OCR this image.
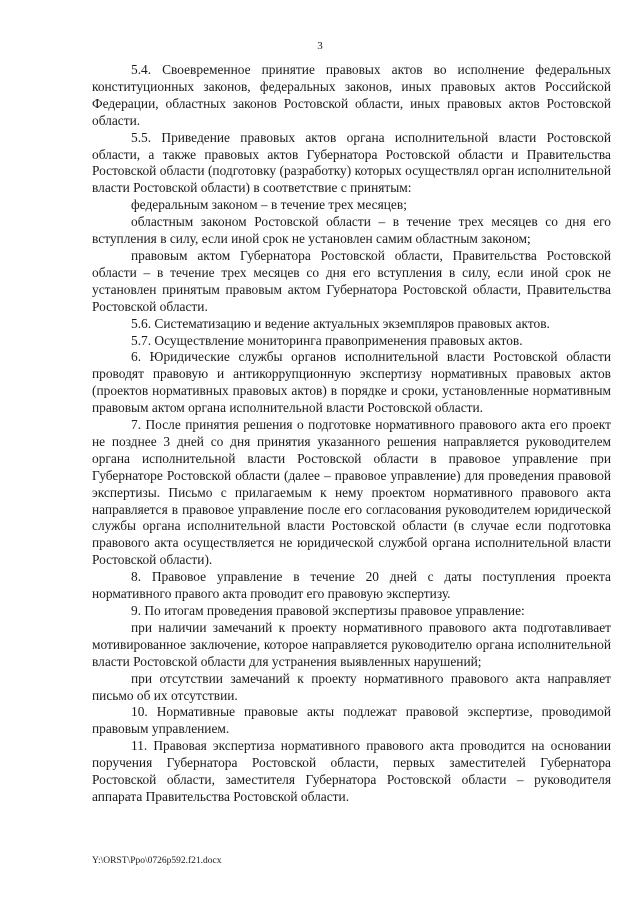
3

5.4. Своевременное принятие правовых актов во исполнение федеральных конституционных законов, федеральных законов, иных правовых актов Российской Федерации, областных законов Ростовской области, иных правовых актов Ростовской области.

5.5. Приведение правовых актов органа исполнительной власти Ростовской области, а также правовых актов Губернатора Ростовской области и Правительства Ростовской области (подготовку (разработку) которых осуществлял орган исполнительной власти Ростовской области) в соответствие с принятым:

федеральным законом – в течение трех месяцев;

областным законом Ростовской области – в течение трех месяцев со дня его вступления в силу, если иной срок не установлен самим областным законом;

правовым актом Губернатора Ростовской области, Правительства Ростовской области – в течение трех месяцев со дня его вступления в силу, если иной срок не установлен принятым правовым актом Губернатора Ростовской области, Правительства Ростовской области.

5.6. Систематизацию и ведение актуальных экземпляров правовых актов.

5.7. Осуществление мониторинга правоприменения правовых актов.

6. Юридические службы органов исполнительной власти Ростовской области проводят правовую и антикоррупционную экспертизу нормативных правовых актов (проектов нормативных правовых актов) в порядке и сроки, установленные нормативным правовым актом органа исполнительной власти Ростовской области.

7. После принятия решения о подготовке нормативного правового акта его проект не позднее 3 дней со дня принятия указанного решения направляется руководителем органа исполнительной власти Ростовской области в правовое управление при Губернаторе Ростовской области (далее – правовое управление) для проведения правовой экспертизы. Письмо с прилагаемым к нему проектом нормативного правового акта направляется в правовое управление после его согласования руководителем юридической службы органа исполнительной власти Ростовской области (в случае если подготовка правового акта осуществляется не юридической службой органа исполнительной власти Ростовской области).

8. Правовое управление в течение 20 дней с даты поступления проекта нормативного правого акта проводит его правовую экспертизу.

9. По итогам проведения правовой экспертизы правовое управление:

при наличии замечаний к проекту нормативного правового акта подготавливает мотивированное заключение, которое направляется руководителю органа исполнительной власти Ростовской области для устранения выявленных нарушений;

при отсутствии замечаний к проекту нормативного правового акта направляет письмо об их отсутствии.

10. Нормативные правовые акты подлежат правовой экспертизе, проводимой правовым управлением.

11. Правовая экспертиза нормативного правового акта проводится на основании поручения Губернатора Ростовской области, первых заместителей Губернатора Ростовской области, заместителя Губернатора Ростовской области – руководителя аппарата Правительства Ростовской области.

Y:\ORST\Ppo\0726p592.f21.docx
